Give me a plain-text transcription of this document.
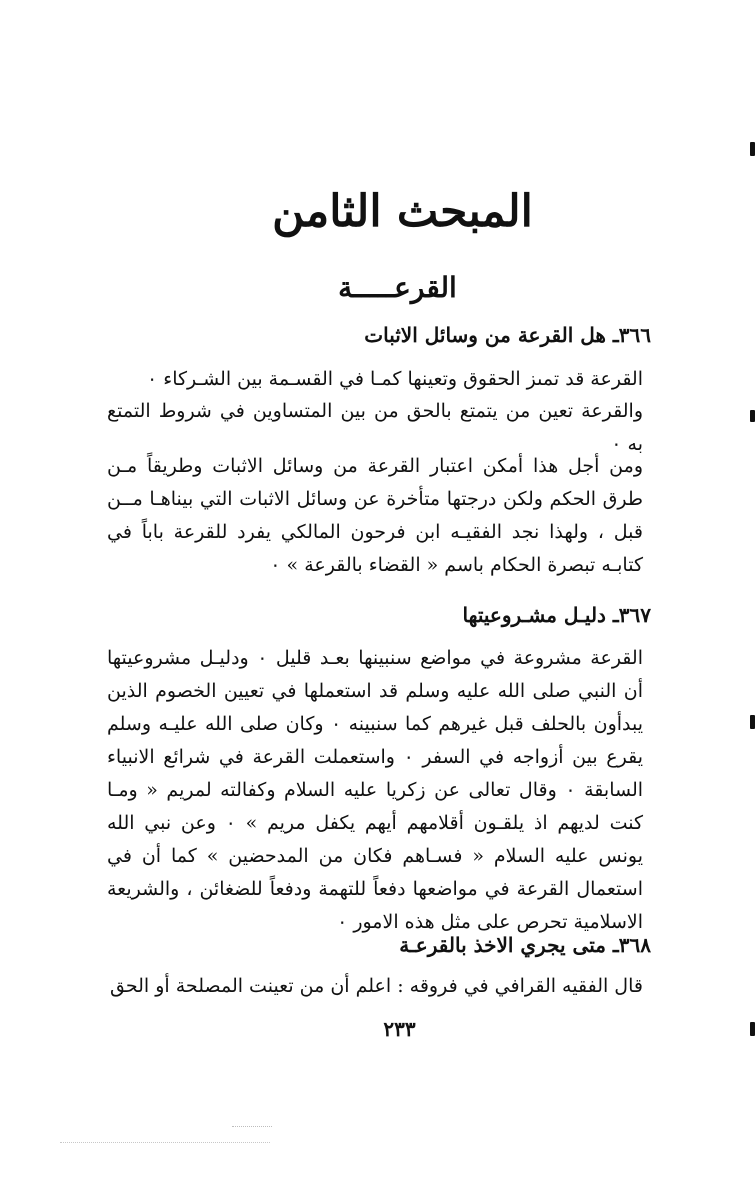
المبحث الثامن
القرعـــــة
٣٦٦ـ هل القرعة من وسائل الاثبات

القرعة قد تمىز الحقوق وتعينها كمـا في القسـمة بين الشـركاء ٠

والقرعة تعين من يتمتع بالحق من بين المتساوين في شروط التمتع به ٠

ومن أجل هذا أمكن اعتبار القرعة من وسائل الاثبات وطريقاً مـن طرق الحكم ولكن درجتها متأخرة عن وسائل الاثبات التي بيناهـا مــن قبل ، ولهذا نجد الفقيـه ابن فرحون المالكي يفرد للقرعة باباً في كتابـه تبصرة الحكام باسم « القضاء بالقرعة » ٠

٣٦٧ـ دليـل مشـروعيتها

القرعة مشروعة في مواضع سنبينها بعـد قليل ٠ ودليـل مشروعيتها أن النبي صلى الله عليه وسلم قد استعملها في تعيين الخصوم الذين يبدأون بالحلف قبل غيرهم كما سنبينه ٠ وكان صلى الله عليـه وسلم يقرع بين أزواجه في السفر ٠ واستعملت القرعة في شرائع الانبياء السابقة ٠ وقال تعالى عن زكريا عليه السلام وكفالته لمريم « ومـا كنت لديهم اذ يلقـون أقلامهم أيهم يكفل مريم » ٠ وعن نبي الله يونس عليه السلام « فسـاهم فكان من المدحضين » كما أن في استعمال القرعة في مواضعها دفعاً للتهمة ودفعاً للضغائن ، والشريعة الاسلامية تحرص على مثل هذه الامور ٠

٣٦٨ـ متى يجري الاخذ بالقرعـة

قال الفقيه القرافي في فروقه : اعلم أن من تعينت المصلحة أو الحق

٢٣٣
